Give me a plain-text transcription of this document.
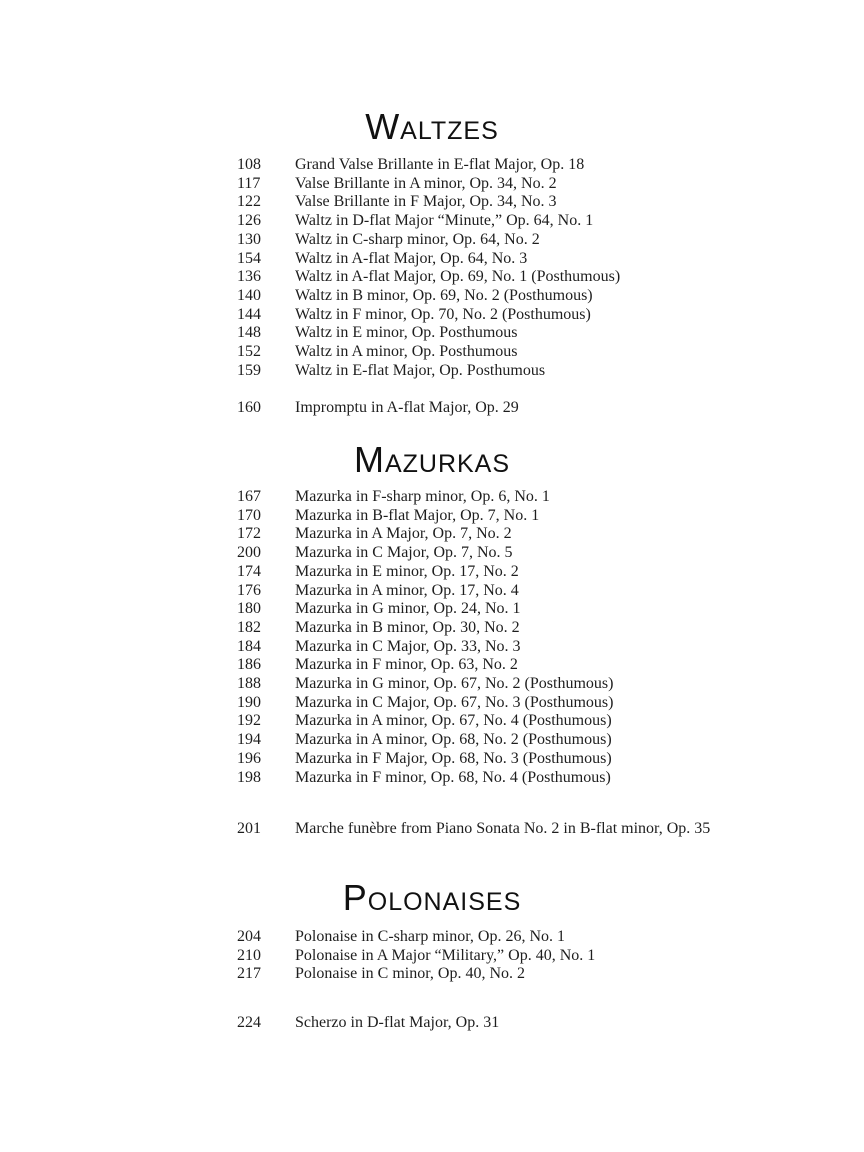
WALTZES
108	Grand Valse Brillante in E-flat Major, Op. 18
117	Valse Brillante in A minor, Op. 34, No. 2
122	Valse Brillante in F Major, Op. 34, No. 3
126	Waltz in D-flat Major “Minute,” Op. 64, No. 1
130	Waltz in C-sharp minor, Op. 64, No. 2
154	Waltz in A-flat Major, Op. 64, No. 3
136	Waltz in A-flat Major, Op. 69, No. 1 (Posthumous)
140	Waltz in B minor, Op. 69, No. 2 (Posthumous)
144	Waltz in F minor, Op. 70, No. 2 (Posthumous)
148	Waltz in E minor, Op. Posthumous
152	Waltz in A minor, Op. Posthumous
159	Waltz in E-flat Major, Op. Posthumous
160	Impromptu in A-flat Major, Op. 29
MAZURKAS
167	Mazurka in F-sharp minor, Op. 6, No. 1
170	Mazurka in B-flat Major, Op. 7, No. 1
172	Mazurka in A Major, Op. 7, No. 2
200	Mazurka in C Major, Op. 7, No. 5
174	Mazurka in E minor, Op. 17, No. 2
176	Mazurka in A minor, Op. 17, No. 4
180	Mazurka in G minor, Op. 24, No. 1
182	Mazurka in B minor, Op. 30, No. 2
184	Mazurka in C Major, Op. 33, No. 3
186	Mazurka in F minor, Op. 63, No. 2
188	Mazurka in G minor, Op. 67, No. 2 (Posthumous)
190	Mazurka in C Major, Op. 67, No. 3 (Posthumous)
192	Mazurka in A minor, Op. 67, No. 4 (Posthumous)
194	Mazurka in A minor, Op. 68, No. 2 (Posthumous)
196	Mazurka in F Major, Op. 68, No. 3 (Posthumous)
198	Mazurka in F minor, Op. 68, No. 4 (Posthumous)
201	Marche funèbre from Piano Sonata No. 2 in B-flat minor, Op. 35
POLONAISES
204	Polonaise in C-sharp minor, Op. 26, No. 1
210	Polonaise in A Major “Military,” Op. 40, No. 1
217	Polonaise in C minor, Op. 40, No. 2
224	Scherzo in D-flat Major, Op. 31
